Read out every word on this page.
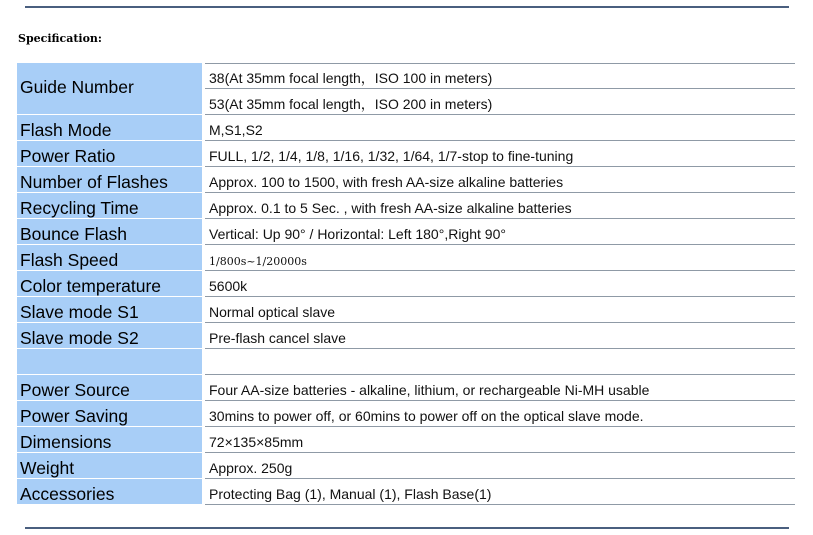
Specification:
Guide Number	38(At 35mm focal length，ISO 100 in meters)
53(At 35mm focal length，ISO 200 in meters)
Flash Mode	M,S1,S2
Power Ratio	FULL, 1/2, 1/4, 1/8, 1/16, 1/32, 1/64, 1/7-stop to fine-tuning
Number of Flashes	Approx. 100 to 1500, with fresh AA-size alkaline batteries
Recycling Time	Approx. 0.1 to 5 Sec. , with fresh AA-size alkaline batteries
Bounce Flash	Vertical: Up 90° / Horizontal: Left 180°,Right 90°
Flash Speed	1/800s~1/20000s
Color temperature	5600k
Slave mode S1	Normal optical slave
Slave mode S2	Pre-flash cancel slave
Power Source	Four AA-size batteries - alkaline, lithium, or rechargeable Ni-MH usable
Power Saving	30mins to power off, or 60mins to power off on the optical slave mode.
Dimensions	72×135×85mm
Weight	Approx. 250g
Accessories	Protecting Bag (1), Manual (1), Flash Base(1)
